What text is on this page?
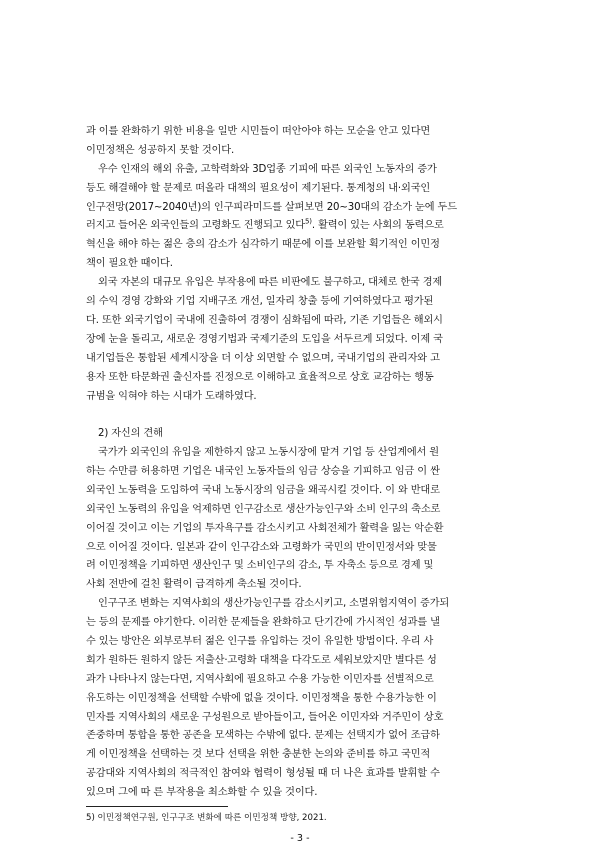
과 이를 완화하기 위한 비용을 일반 시민들이 떠안아야 하는 모순을 안고 있다면
이민정책은 성공하지 못할 것이다.
우수 인재의 해외 유출, 고학력화와 3D업종 기피에 따른 외국인 노동자의 증가
등도 해결해야 할 문제로 떠올라 대책의 필요성이 제기된다. 통계청의 내·외국인
인구전망(2017~2040년)의 인구피라미드를 살펴보면 20~30대의 감소가 눈에 두드
러지고 들어온 외국인들의 고령화도 진행되고 있다$^{5)}$. 활력이 있는 사회의 동력으로
혁신을 해야 하는 젊은 층의 감소가 심각하기 때문에 이를 보완할 획기적인 이민정
책이 필요한 때이다.
외국 자본의 대규모 유입은 부작용에 따른 비판에도 불구하고, 대체로 한국 경제
의 수익 경영 강화와 기업 지배구조 개선, 일자리 창출 등에 기여하였다고 평가된
다. 또한 외국기업이 국내에 진출하여 경쟁이 심화됨에 따라, 기존 기업들은 해외시
장에 눈을 돌리고, 새로운 경영기법과 국제기준의 도입을 서두르게 되었다. 이제 국
내기업들은 통합된 세계시장을 더 이상 외면할 수 없으며, 국내기업의 관리자와 고
용자 또한 타문화권 출신자를 진정으로 이해하고 효율적으로 상호 교감하는 행동
규범을 익혀야 하는 시대가 도래하였다.
2) 자신의 견해
국가가 외국인의 유입을 제한하지 않고 노동시장에 맡겨 기업 등 산업계에서 원
하는 수만큼 허용하면 기업은 내국인 노동자들의 임금 상승을 기피하고 임금 이 싼
외국인 노동력을 도입하여 국내 노동시장의 임금을 왜곡시킬 것이다. 이 와 반대로
외국인 노동력의 유입을 억제하면 인구감소로 생산가능인구와 소비 인구의 축소로
이어질 것이고 이는 기업의 투자욕구를 감소시키고 사회전체가 활력을 잃는 악순환
으로 이어질 것이다. 일본과 같이 인구감소와 고령화가 국민의 반이민정서와 맞물
려 이민정책을 기피하면 생산인구 및 소비인구의 감소, 투 자축소 등으로 경제 및
사회 전반에 걸친 활력이 급격하게 축소될 것이다.
인구구조 변화는 지역사회의 생산가능인구를 감소시키고, 소멸위험지역이 증가되
는 등의 문제를 야기한다. 이러한 문제들을 완화하고 단기간에 가시적인 성과를 낼
수 있는 방안은 외부로부터 젊은 인구를 유입하는 것이 유일한 방법이다. 우리 사
회가 원하든 원하지 않든 저출산·고령화 대책을 다각도로 세워보았지만 별다른 성
과가 나타나지 않는다면, 지역사회에 필요하고 수용 가능한 이민자를 선별적으로
유도하는 이민정책을 선택할 수밖에 없을 것이다. 이민정책을 통한 수용가능한 이
민자를 지역사회의 새로운 구성원으로 받아들이고, 들어온 이민자와 거주민이 상호
존중하며 통합을 통한 공존을 모색하는 수밖에 없다. 문제는 선택지가 없어 조급하
게 이민정책을 선택하는 것 보다 선택을 위한 충분한 논의와 준비를 하고 국민적
공감대와 지역사회의 적극적인 참여와 협력이 형성될 때 더 나은 효과를 발휘할 수
있으며 그에 따 른 부작용을 최소화할 수 있을 것이다.
5) 이민정책연구원, 인구구조 변화에 따른 이민정책 방향, 2021.
- 3 -
